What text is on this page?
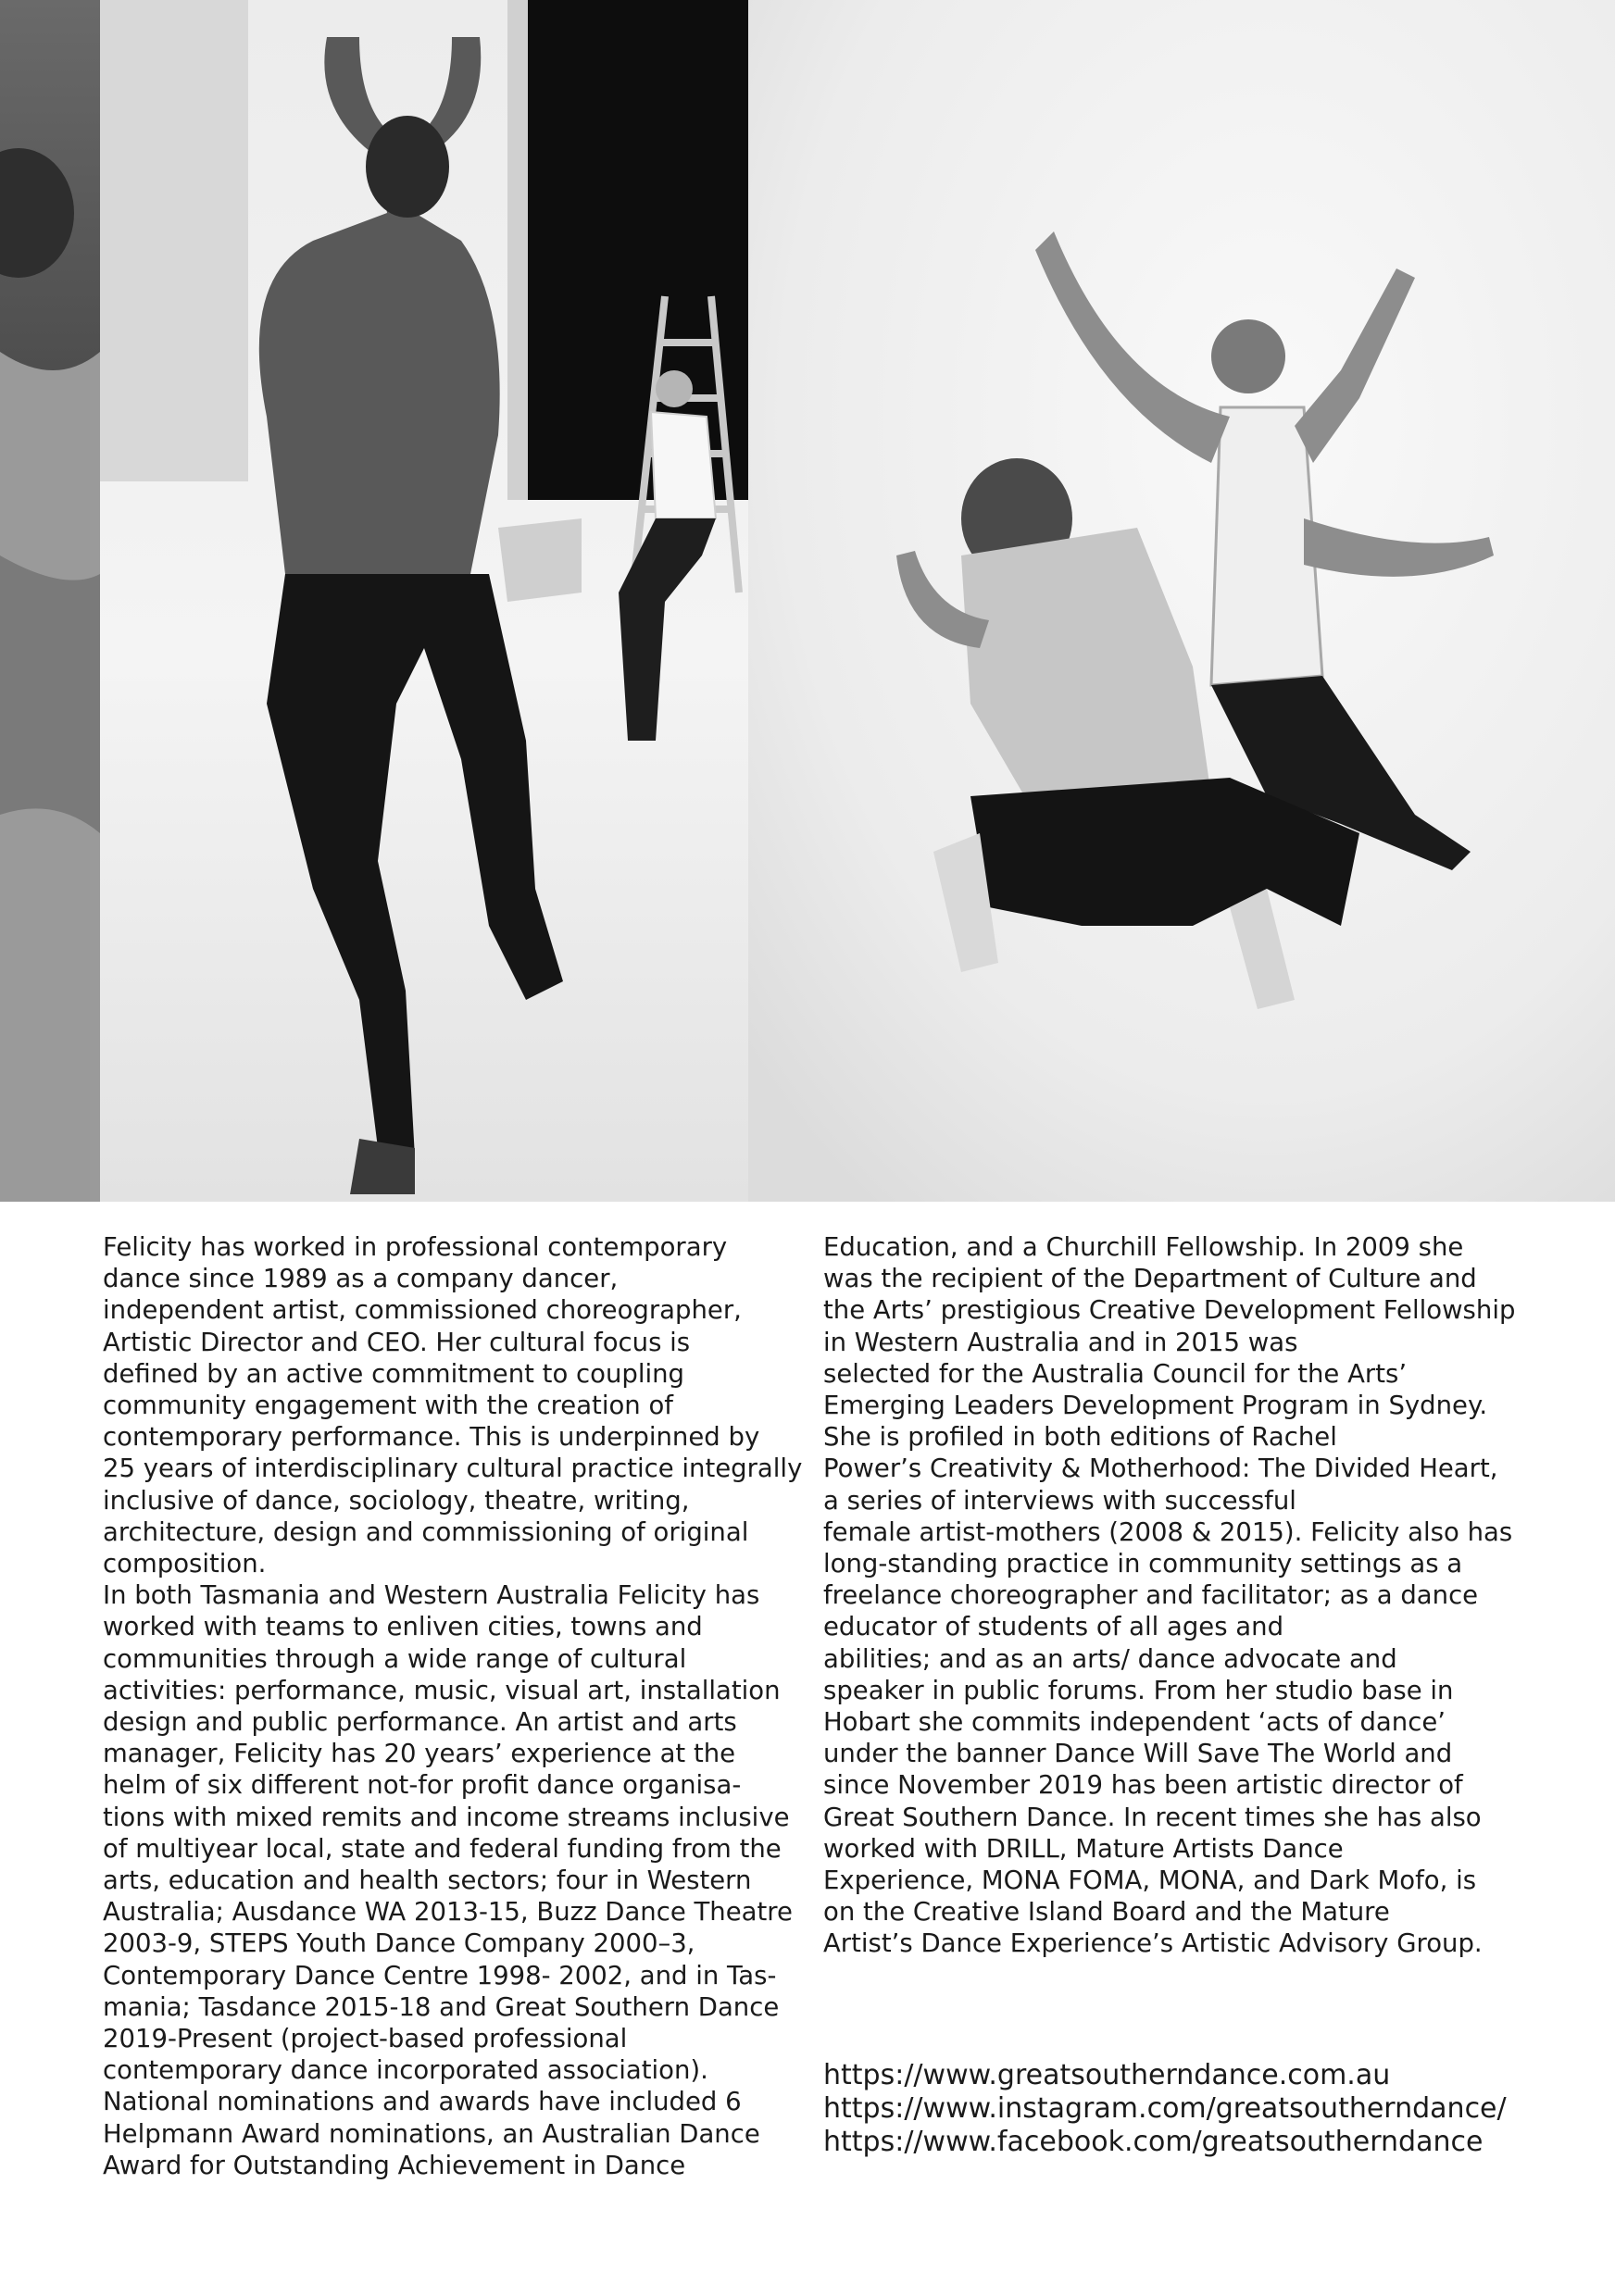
Felicity has worked in professional contemporary
dance since 1989 as a company dancer,
independent artist, commissioned choreographer,
Artistic Director and CEO. Her cultural focus is
defined by an active commitment to coupling
community engagement with the creation of
contemporary performance. This is underpinned by
25 years of interdisciplinary cultural practice integrally
inclusive of dance, sociology, theatre, writing,
architecture, design and commissioning of original
composition.
In both Tasmania and Western Australia Felicity has
worked with teams to enliven cities, towns and
communities through a wide range of cultural
activities: performance, music, visual art, installation
design and public performance. An artist and arts
manager, Felicity has 20 years’ experience at the
helm of six different not-for profit dance organisa-
tions with mixed remits and income streams inclusive
of multiyear local, state and federal funding from the
arts, education and health sectors; four in Western
Australia; Ausdance WA 2013-15, Buzz Dance Theatre
2003-9, STEPS Youth Dance Company 2000–3,
Contemporary Dance Centre 1998- 2002, and in Tas-
mania; Tasdance 2015-18 and Great Southern Dance
2019-Present (project-based professional
contemporary dance incorporated association).
National nominations and awards have included 6
Helpmann Award nominations, an Australian Dance
Award for Outstanding Achievement in Dance

Education, and a Churchill Fellowship. In 2009 she
was the recipient of the Department of Culture and
the Arts’ prestigious Creative Development Fellowship
in Western Australia and in 2015 was
selected for the Australia Council for the Arts’
Emerging Leaders Development Program in Sydney.
She is profiled in both editions of Rachel
Power’s Creativity & Motherhood: The Divided Heart,
a series of interviews with successful
female artist-mothers (2008 & 2015). Felicity also has
long-standing practice in community settings as a
freelance choreographer and facilitator; as a dance
educator of students of all ages and
abilities; and as an arts/ dance advocate and
speaker in public forums. From her studio base in
Hobart she commits independent ‘acts of dance’
under the banner Dance Will Save The World and
since November 2019 has been artistic director of
Great Southern Dance. In recent times she has also
worked with DRILL, Mature Artists Dance
Experience, MONA FOMA, MONA, and Dark Mofo, is
on the Creative Island Board and the Mature
Artist’s Dance Experience’s Artistic Advisory Group.

https://www.greatsoutherndance.com.au
https://www.instagram.com/greatsoutherndance/
https://www.facebook.com/greatsoutherndance
